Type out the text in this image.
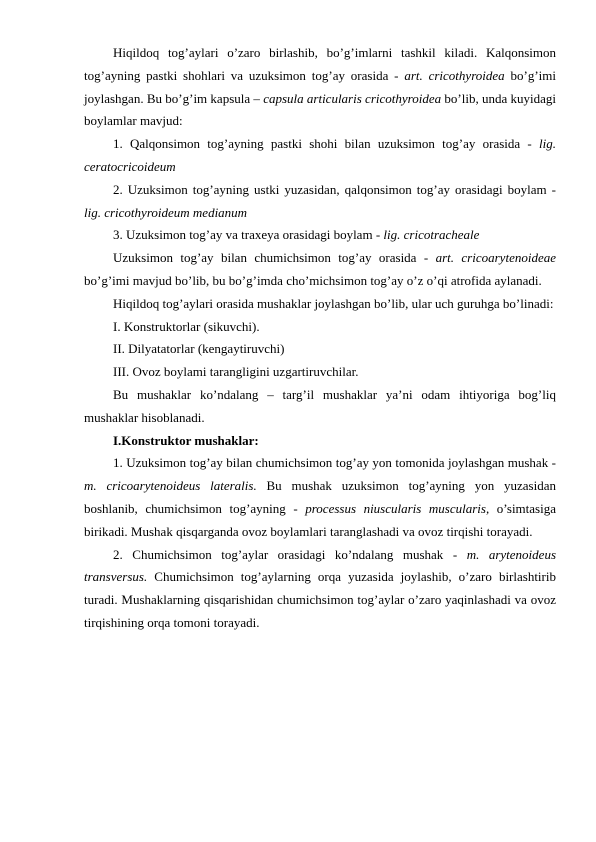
Hiqildoq tog’aylari o’zaro birlashib, bo’g’imlarni tashkil kiladi. Kalqonsimon tog’ayning pastki shohlari va uzuksimon tog’ay orasida - art. cricothyroidea bo’g’imi joylashgan. Bu bo’g’im kapsula – capsula articularis cricothyroidea bo’lib, unda kuyidagi boylamlar mavjud:

1. Qalqonsimon tog’ayning pastki shohi bilan uzuksimon tog’ay orasida - lig. ceratocricoideum

2. Uzuksimon tog’ayning ustki yuzasidan, qalqonsimon tog’ay orasidagi boylam - lig. cricothyroideum medianum

3. Uzuksimon tog’ay va traxeya orasidagi boylam - lig. cricotracheale

Uzuksimon tog’ay bilan chumichsimon tog’ay orasida - art. cricoarytenoideae bo’g’imi mavjud bo’lib, bu bo’g’imda cho’michsimon tog’ay o’z o’qi atrofida aylanadi.

Hiqildoq tog’aylari orasida mushaklar joylashgan bo’lib, ular uch guruhga bo’linadi:

I. Konstruktorlar (sikuvchi).

II. Dilyatatorlar (kengaytiruvchi)

III. Ovoz boylami tarangligini uzgartiruvchilar.

Bu mushaklar ko’ndalang – targ’il mushaklar ya’ni odam ihtiyoriga bog’liq mushaklar hisoblanadi.

I.Konstruktor mushaklar:

1. Uzuksimon tog’ay bilan chumichsimon tog’ay yon tomonida joylashgan mushak - m. cricoarytenoideus lateralis. Bu mushak uzuksimon tog’ayning yon yuzasidan boshlanib, chumichsimon tog’ayning - processus niuscularis muscularis, o’simtasiga birikadi. Mushak qisqarganda ovoz boylamlari taranglashadi va ovoz tirqishi torayadi.

2. Chumichsimon tog’aylar orasidagi ko’ndalang mushak - m. arytenoideus transversus. Chumichsimon tog’aylarning orqa yuzasida joylashib, o’zaro birlashtirib turadi. Mushaklarning qisqarishidan chumichsimon tog’aylar o’zaro yaqinlashadi va ovoz tirqishining orqa tomoni torayadi.
